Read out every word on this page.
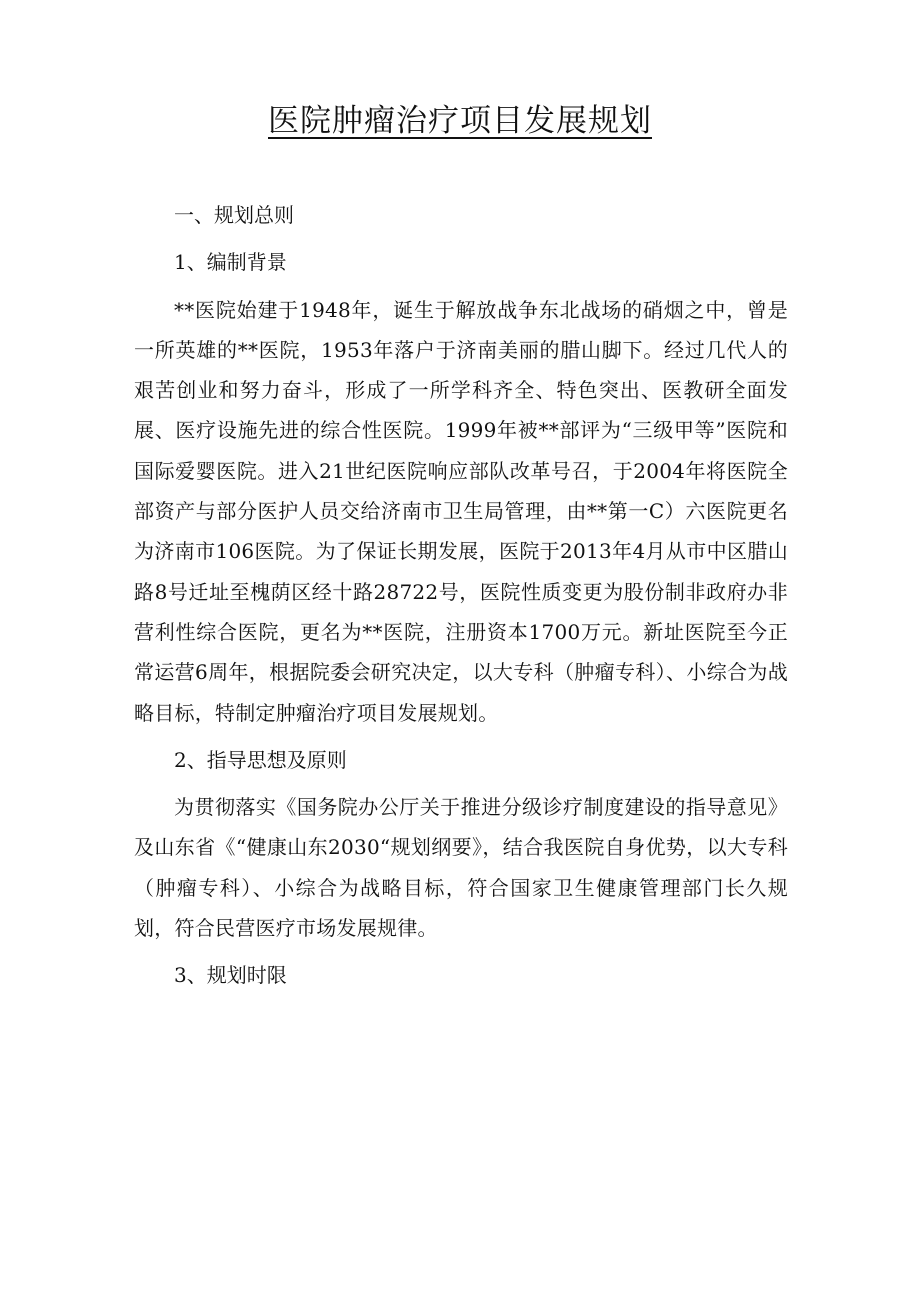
医院肿瘤治疗项目发展规划

一、规划总则

1、编制背景

**医院始建于1948年，诞生于解放战争东北战场的硝烟之中，曾是一所英雄的**医院，1953年落户于济南美丽的腊山脚下。经过几代人的艰苦创业和努力奋斗，形成了一所学科齐全、特色突出、医教研全面发展、医疗设施先进的综合性医院。1999年被**部评为“三级甲等”医院和国际爱婴医院。进入21世纪医院响应部队改革号召，于2004年将医院全部资产与部分医护人员交给济南市卫生局管理，由**第一C）六医院更名为济南市106医院。为了保证长期发展，医院于2013年4月从市中区腊山路8号迁址至槐荫区经十路28722号，医院性质变更为股份制非政府办非营利性综合医院，更名为**医院，注册资本1700万元。新址医院至今正常运营6周年，根据院委会研究决定，以大专科（肿瘤专科）、小综合为战略目标，特制定肿瘤治疗项目发展规划。

2、指导思想及原则

为贯彻落实《国务院办公厅关于推进分级诊疗制度建设的指导意见》及山东省《“健康山东2030“规划纲要》，结合我医院自身优势，以大专科（肿瘤专科）、小综合为战略目标，符合国家卫生健康管理部门长久规划，符合民营医疗市场发展规律。

3、规划时限
